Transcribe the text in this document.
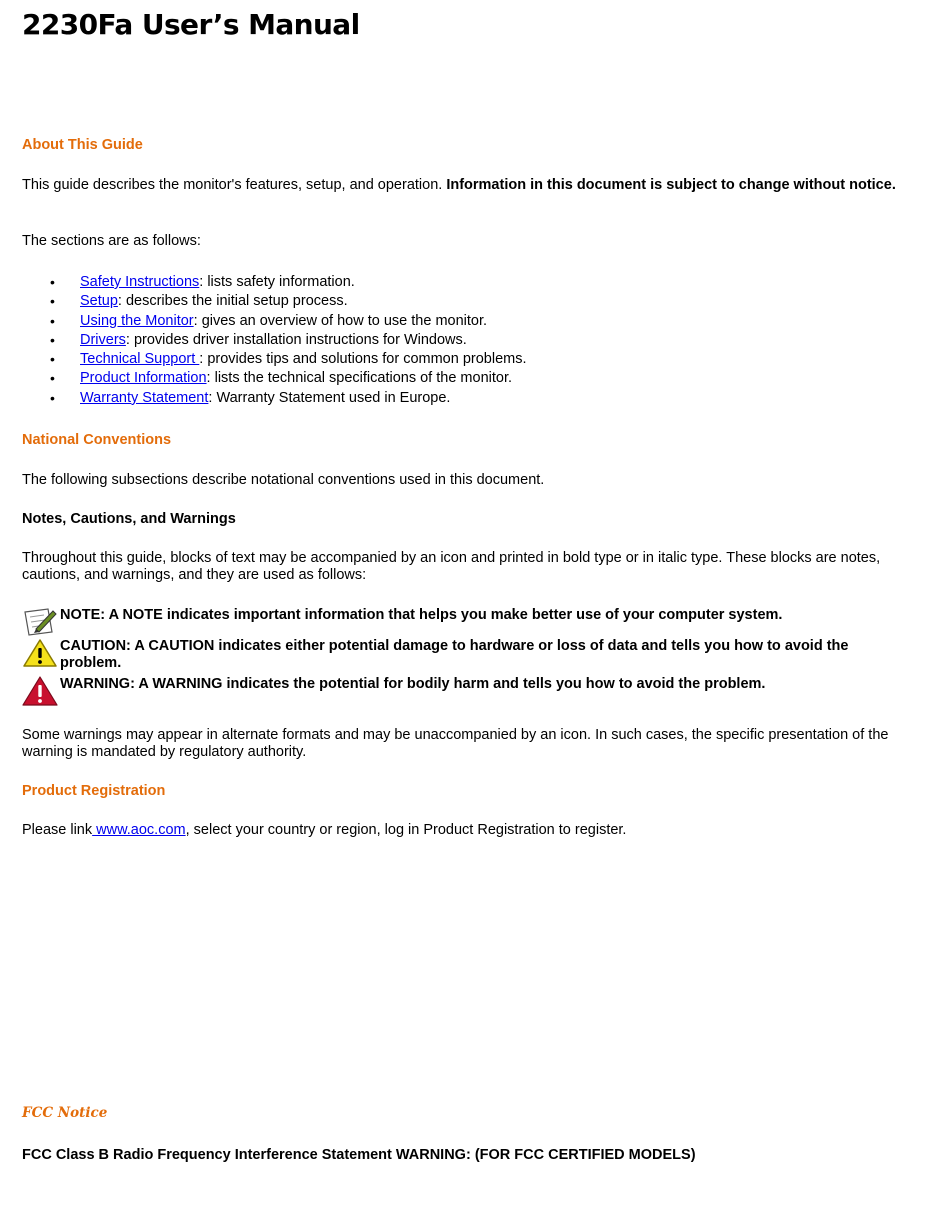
2230Fa User’s Manual
About This Guide
This guide describes the monitor's features, setup, and operation. Information in this document is subject to change without notice.
The sections are as follows:
• Safety Instructions: lists safety information.
• Setup: describes the initial setup process.
• Using the Monitor: gives an overview of how to use the monitor.
• Drivers: provides driver installation instructions for Windows.
• Technical Support : provides tips and solutions for common problems.
• Product Information: lists the technical specifications of the monitor.
• Warranty Statement: Warranty Statement used in Europe.
National Conventions
The following subsections describe notational conventions used in this document.
Notes, Cautions, and Warnings
Throughout this guide, blocks of text may be accompanied by an icon and printed in bold type or in italic type. These blocks are notes, cautions, and warnings, and they are used as follows:
NOTE: A NOTE indicates important information that helps you make better use of your computer system.
CAUTION: A CAUTION indicates either potential damage to hardware or loss of data and tells you how to avoid the problem.
WARNING: A WARNING indicates the potential for bodily harm and tells you how to avoid the problem.
Some warnings may appear in alternate formats and may be unaccompanied by an icon. In such cases, the specific presentation of the warning is mandated by regulatory authority.
Product Registration
Please link www.aoc.com, select your country or region, log in Product Registration to register.
FCC Notice
FCC Class B Radio Frequency Interference Statement WARNING: (FOR FCC CERTIFIED MODELS)
